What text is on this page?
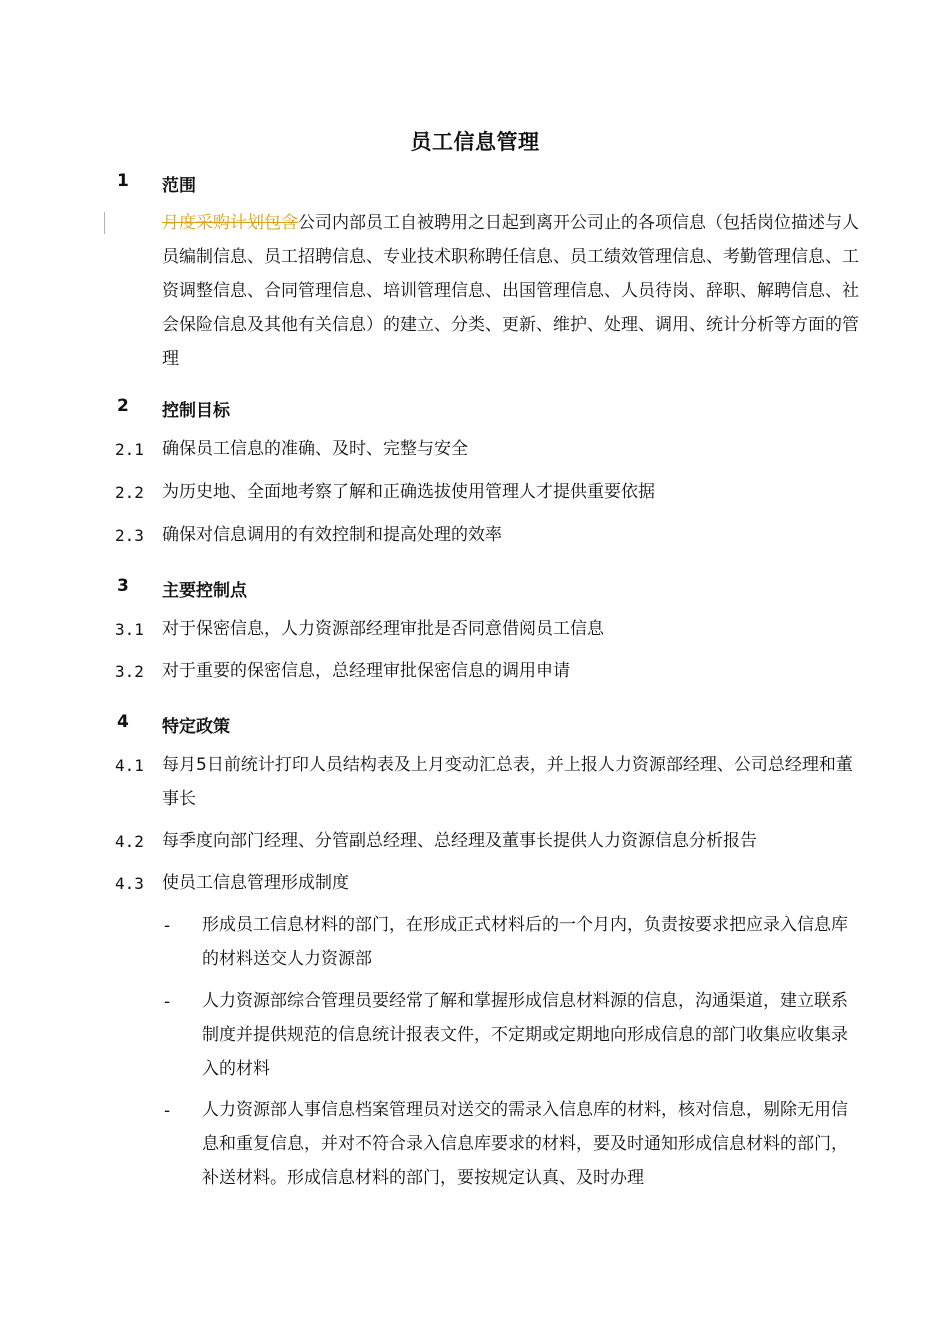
员工信息管理
1 范围
月度采购计划包含公司内部员工自被聘用之日起到离开公司止的各项信息（包括岗位描述与人员编制信息、员工招聘信息、专业技术职称聘任信息、员工绩效管理信息、考勤管理信息、工资调整信息、合同管理信息、培训管理信息、出国管理信息、人员待岗、辞职、解聘信息、社会保险信息及其他有关信息）的建立、分类、更新、维护、处理、调用、统计分析等方面的管理
2 控制目标
2.1 确保员工信息的准确、及时、完整与安全
2.2 为历史地、全面地考察了解和正确选拔使用管理人才提供重要依据
2.3 确保对信息调用的有效控制和提高处理的效率
3 主要控制点
3.1 对于保密信息，人力资源部经理审批是否同意借阅员工信息
3.2 对于重要的保密信息，总经理审批保密信息的调用申请
4 特定政策
4.1 每月5日前统计打印人员结构表及上月变动汇总表，并上报人力资源部经理、公司总经理和董事长
4.2 每季度向部门经理、分管副总经理、总经理及董事长提供人力资源信息分析报告
4.3 使员工信息管理形成制度
- 形成员工信息材料的部门，在形成正式材料后的一个月内，负责按要求把应录入信息库的材料送交人力资源部
- 人力资源部综合管理员要经常了解和掌握形成信息材料源的信息，沟通渠道，建立联系制度并提供规范的信息统计报表文件，不定期或定期地向形成信息的部门收集应收集录入的材料
- 人力资源部人事信息档案管理员对送交的需录入信息库的材料，核对信息，剔除无用信息和重复信息，并对不符合录入信息库要求的材料，要及时通知形成信息材料的部门，补送材料。形成信息材料的部门，要按规定认真、及时办理
